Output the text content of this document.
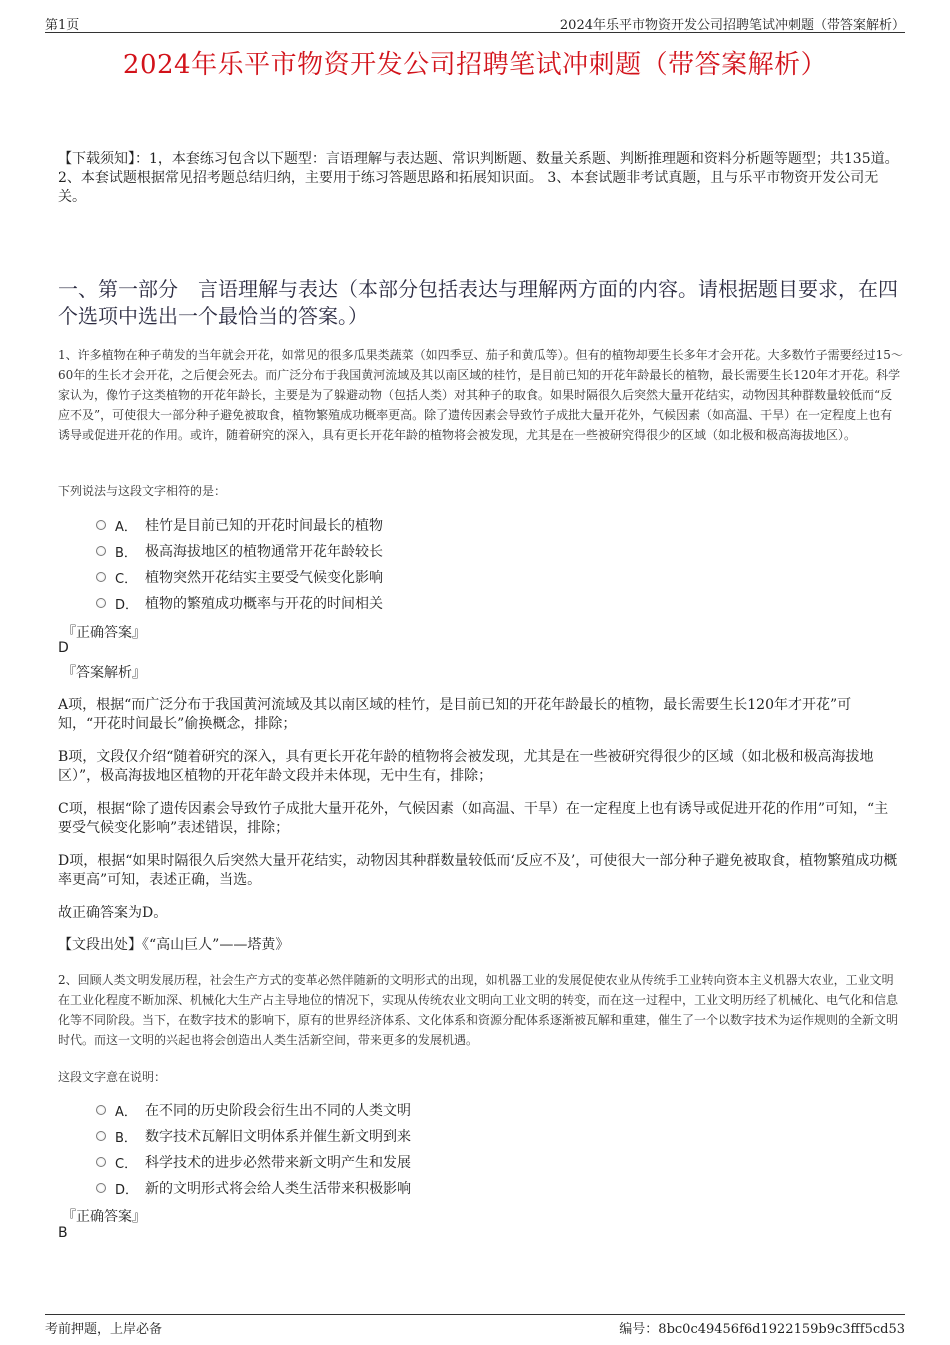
第1页	2024年乐平市物资开发公司招聘笔试冲刺题（带答案解析）
2024年乐平市物资开发公司招聘笔试冲刺题（带答案解析）
【下载须知】：1，本套练习包含以下题型：言语理解与表达题、常识判断题、数量关系题、判断推理题和资料分析题等题型；共135道。 2、本套试题根据常见招考题总结归纳，主要用于练习答题思路和拓展知识面。 3、本套试题非考试真题，且与乐平市物资开发公司无关。
一、第一部分　言语理解与表达（本部分包括表达与理解两方面的内容。请根据题目要求，在四个选项中选出一个最恰当的答案。）
1、许多植物在种子萌发的当年就会开花，如常见的很多瓜果类蔬菜（如四季豆、茄子和黄瓜等）。但有的植物却要生长多年才会开花。大多数竹子需要经过15～60年的生长才会开花，之后便会死去。而广泛分布于我国黄河流域及其以南区域的桂竹，是目前已知的开花年龄最长的植物，最长需要生长120年才开花。科学家认为，像竹子这类植物的开花年龄长，主要是为了躲避动物（包括人类）对其种子的取食。如果时隔很久后突然大量开花结实，动物因其种群数量较低而“反应不及”，可使很大一部分种子避免被取食，植物繁殖成功概率更高。除了遗传因素会导致竹子成批大量开花外，气候因素（如高温、干旱）在一定程度上也有诱导或促进开花的作用。或许，随着研究的深入，具有更长开花年龄的植物将会被发现，尤其是在一些被研究得很少的区域（如北极和极高海拔地区）。
下列说法与这段文字相符的是：
A． 桂竹是目前已知的开花时间最长的植物
B． 极高海拔地区的植物通常开花年龄较长
C． 植物突然开花结实主要受气候变化影响
D． 植物的繁殖成功概率与开花的时间相关
『正确答案』
D
『答案解析』
A项，根据“而广泛分布于我国黄河流域及其以南区域的桂竹，是目前已知的开花年龄最长的植物，最长需要生长120年才开花”可知，“开花时间最长”偷换概念，排除；
B项，文段仅介绍“随着研究的深入，具有更长开花年龄的植物将会被发现，尤其是在一些被研究得很少的区域（如北极和极高海拔地区）”，极高海拔地区植物的开花年龄文段并未体现，无中生有，排除；
C项，根据“除了遗传因素会导致竹子成批大量开花外，气候因素（如高温、干旱）在一定程度上也有诱导或促进开花的作用”可知，“主要受气候变化影响”表述错误，排除；
D项，根据“如果时隔很久后突然大量开花结实，动物因其种群数量较低而‘反应不及’，可使很大一部分种子避免被取食，植物繁殖成功概率更高”可知，表述正确，当选。
故正确答案为D。
【文段出处】《“高山巨人”——塔黄》
2、回顾人类文明发展历程，社会生产方式的变革必然伴随新的文明形式的出现，如机器工业的发展促使农业从传统手工业转向资本主义机器大农业，工业文明在工业化程度不断加深、机械化大生产占主导地位的情况下，实现从传统农业文明向工业文明的转变，而在这一过程中，工业文明历经了机械化、电气化和信息化等不同阶段。当下，在数字技术的影响下，原有的世界经济体系、文化体系和资源分配体系逐渐被瓦解和重建，催生了一个以数字技术为运作规则的全新文明时代。而这一文明的兴起也将会创造出人类生活新空间，带来更多的发展机遇。
这段文字意在说明：
A． 在不同的历史阶段会衍生出不同的人类文明
B． 数字技术瓦解旧文明体系并催生新文明到来
C． 科学技术的进步必然带来新文明产生和发展
D． 新的文明形式将会给人类生活带来积极影响
『正确答案』
B
考前押题，上岸必备	编号：8bc0c49456f6d1922159b9c3fff5cd53
